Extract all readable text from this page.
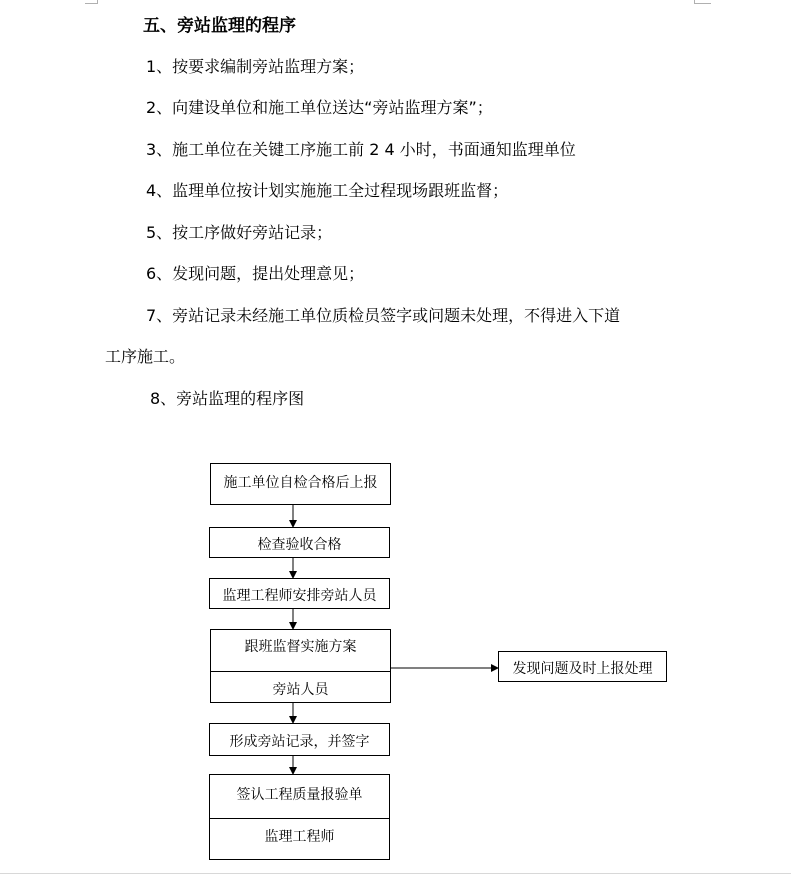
五、旁站监理的程序
1、按要求编制旁站监理方案；
2、向建设单位和施工单位送达“旁站监理方案”；
3、施工单位在关键工序施工前 2 4 小时，书面通知监理单位
4、监理单位按计划实施施工全过程现场跟班监督；
5、按工序做好旁站记录；
6、发现问题，提出处理意见；
7、旁站记录未经施工单位质检员签字或问题未处理，不得进入下道
工序施工。
8、旁站监理的程序图
施工单位自检合格后上报
检查验收合格
监理工程师安排旁站人员
跟班监督实施方案
旁站人员
发现问题及时上报处理
形成旁站记录，并签字
签认工程质量报验单
监理工程师
